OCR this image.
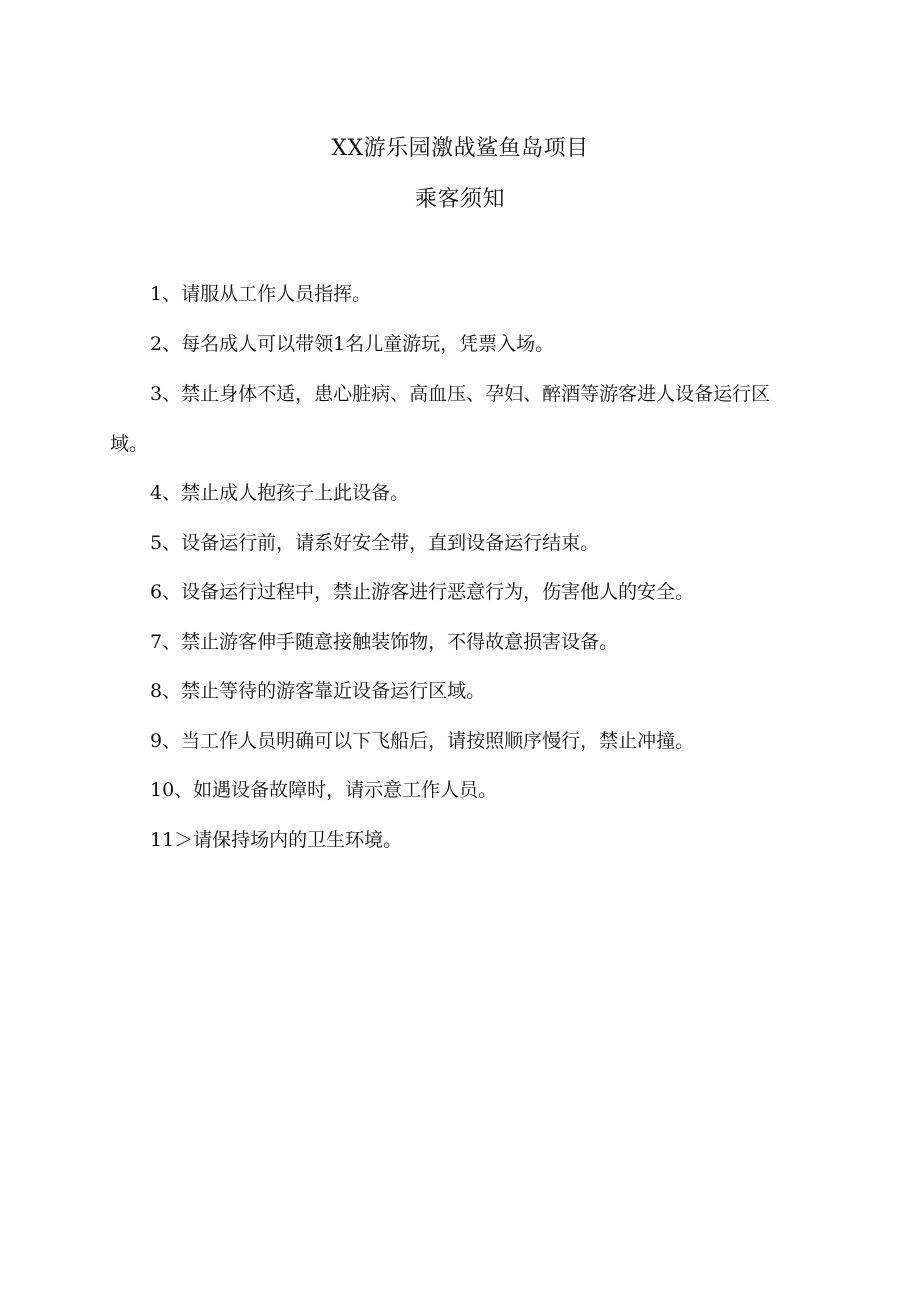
XX游乐园激战鲨鱼岛项目
乘客须知
1、请服从工作人员指挥。
2、每名成人可以带领1名儿童游玩，凭票入场。
3、禁止身体不适，患心脏病、高血压、孕妇、醉酒等游客进人设备运行区域。
4、禁止成人抱孩子上此设备。
5、设备运行前，请系好安全带，直到设备运行结束。
6、设备运行过程中，禁止游客进行恶意行为，伤害他人的安全。
7、禁止游客伸手随意接触装饰物，不得故意损害设备。
8、禁止等待的游客靠近设备运行区域。
9、当工作人员明确可以下飞船后，请按照顺序慢行，禁止冲撞。
10、如遇设备故障时，请示意工作人员。
11＞请保持场内的卫生环境。
